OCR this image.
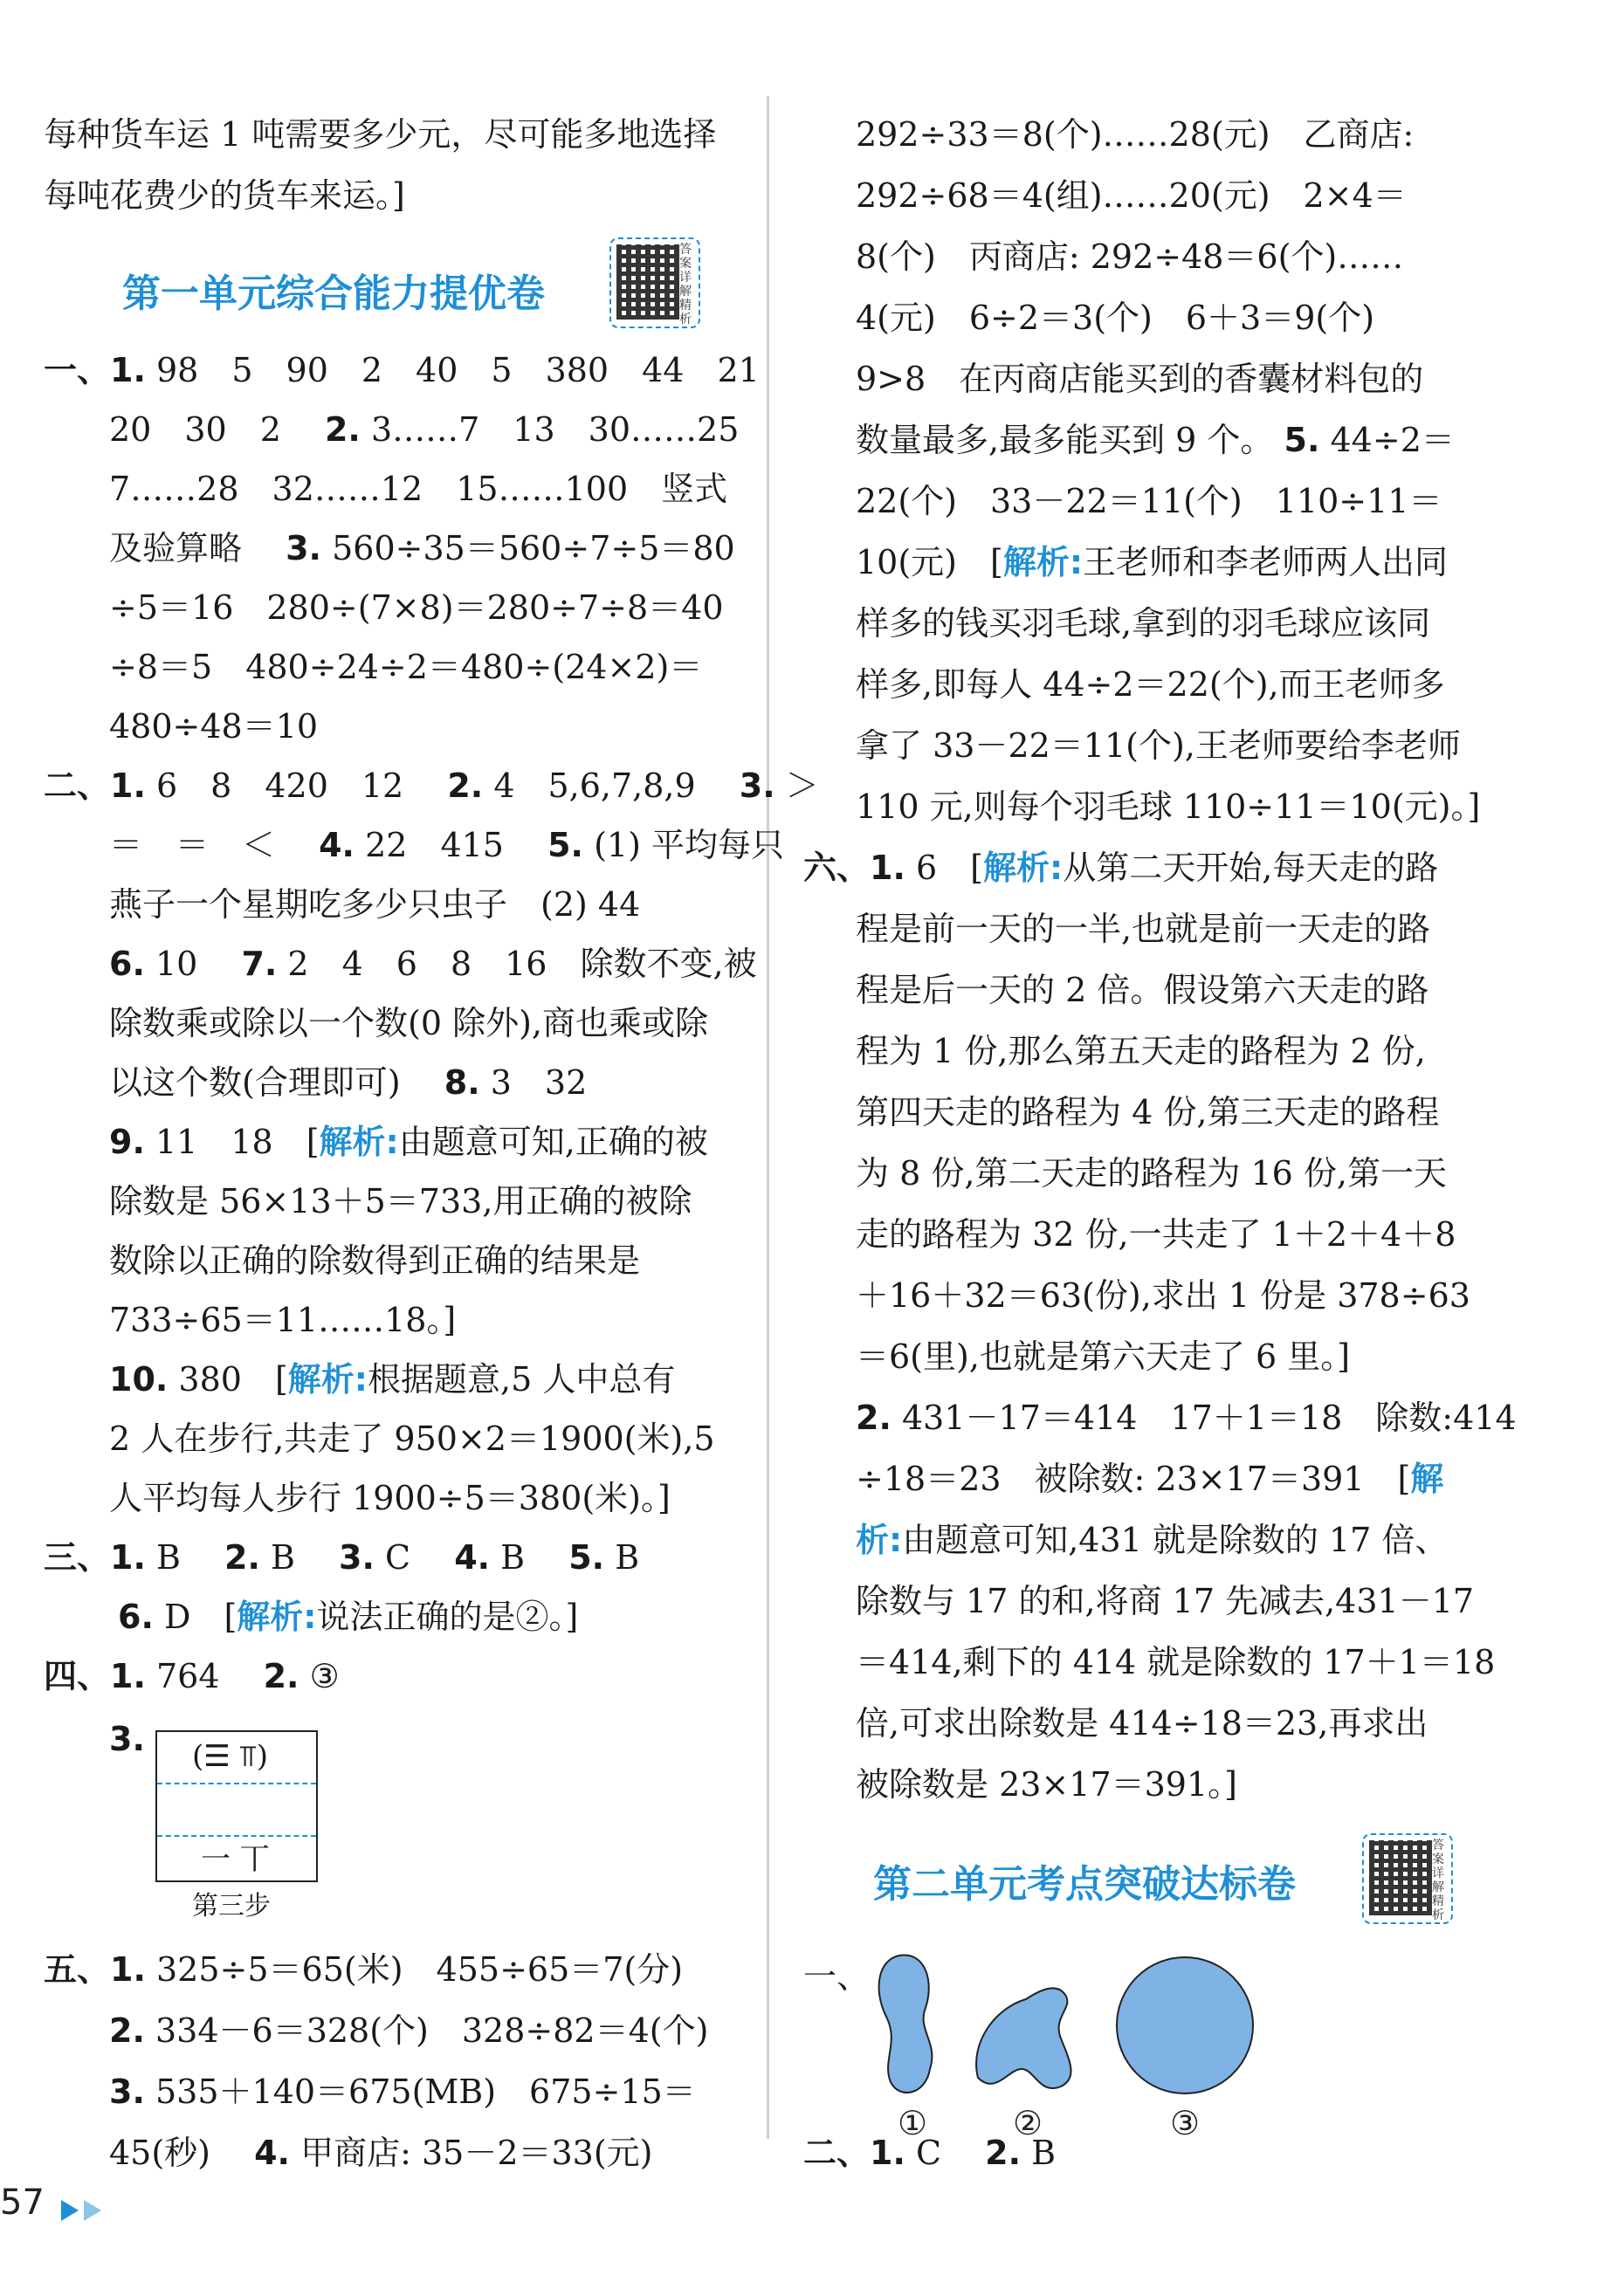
每种货车运 1 吨需要多少元，尽可能多地选择
每吨花费少的货车来运。]
第一单元综合能力提优卷
答案详解精析
一、1. 98　5　90　2　40　5　380　44　21
20　30　2　 2. 3……7　13　30……25
7……28　32……12　15……100　竖式
及验算略　 3. 560÷35＝560÷7÷5＝80
÷5＝16　280÷(7×8)＝280÷7÷8＝40
÷8＝5　480÷24÷2＝480÷(24×2)＝
480÷48＝10
二、1. 6　8　420　12　 2. 4　5,6,7,8,9　 3. ＞
＝　＝　＜　 4. 22　415　 5. (1) 平均每只
燕子一个星期吃多少只虫子　(2) 44
6. 10　 7. 2　4　6　8　16　除数不变,被
除数乘或除以一个数(0 除外),商也乘或除
以这个数(合理即可)　 8. 3　32
9. 11　18　[解析:由题意可知,正确的被
除数是 56×13＋5＝733,用正确的被除
数除以正确的除数得到正确的结果是
733÷65＝11……18。]
10. 380　[解析:根据题意,5 人中总有
2 人在步行,共走了 950×2＝1900(米),5
人平均每人步行 1900÷5＝380(米)。]
三、1. B　 2. B　 3. C　 4. B　 5. B
6. D　[解析:说法正确的是②。]
四、1. 764　 2. ③
3. (☰ ⫪)
一 丅
第三步
五、1. 325÷5＝65(米)　455÷65＝7(分)
2. 334－6＝328(个)　328÷82＝4(个)
3. 535＋140＝675(MB)　675÷15＝
45(秒)　 4. 甲商店: 35－2＝33(元)
292÷33＝8(个)……28(元)　乙商店:
292÷68＝4(组)……20(元)　2×4＝
8(个)　丙商店: 292÷48＝6(个)……
4(元)　6÷2＝3(个)　6＋3＝9(个)
9>8　在丙商店能买到的香囊材料包的
数量最多,最多能买到 9 个。 5. 44÷2＝
22(个)　33－22＝11(个)　110÷11＝
10(元)　[解析:王老师和李老师两人出同
样多的钱买羽毛球,拿到的羽毛球应该同
样多,即每人 44÷2＝22(个),而王老师多
拿了 33－22＝11(个),王老师要给李老师
110 元,则每个羽毛球 110÷11＝10(元)。]
六、1. 6　[解析:从第二天开始,每天走的路
程是前一天的一半,也就是前一天走的路
程是后一天的 2 倍。假设第六天走的路
程为 1 份,那么第五天走的路程为 2 份,
第四天走的路程为 4 份,第三天走的路程
为 8 份,第二天走的路程为 16 份,第一天
走的路程为 32 份,一共走了 1＋2＋4＋8
＋16＋32＝63(份),求出 1 份是 378÷63
＝6(里),也就是第六天走了 6 里。]
2. 431－17＝414　17＋1＝18　除数:414
÷18＝23　被除数: 23×17＝391　[解
析:由题意可知,431 就是除数的 17 倍、
除数与 17 的和,将商 17 先减去,431－17
＝414,剩下的 414 就是除数的 17＋1＝18
倍,可求出除数是 414÷18＝23,再求出
被除数是 23×17＝391。]
第二单元考点突破达标卷
答案详解精析
一、
①	②	③
二、1. C　 2. B
57
